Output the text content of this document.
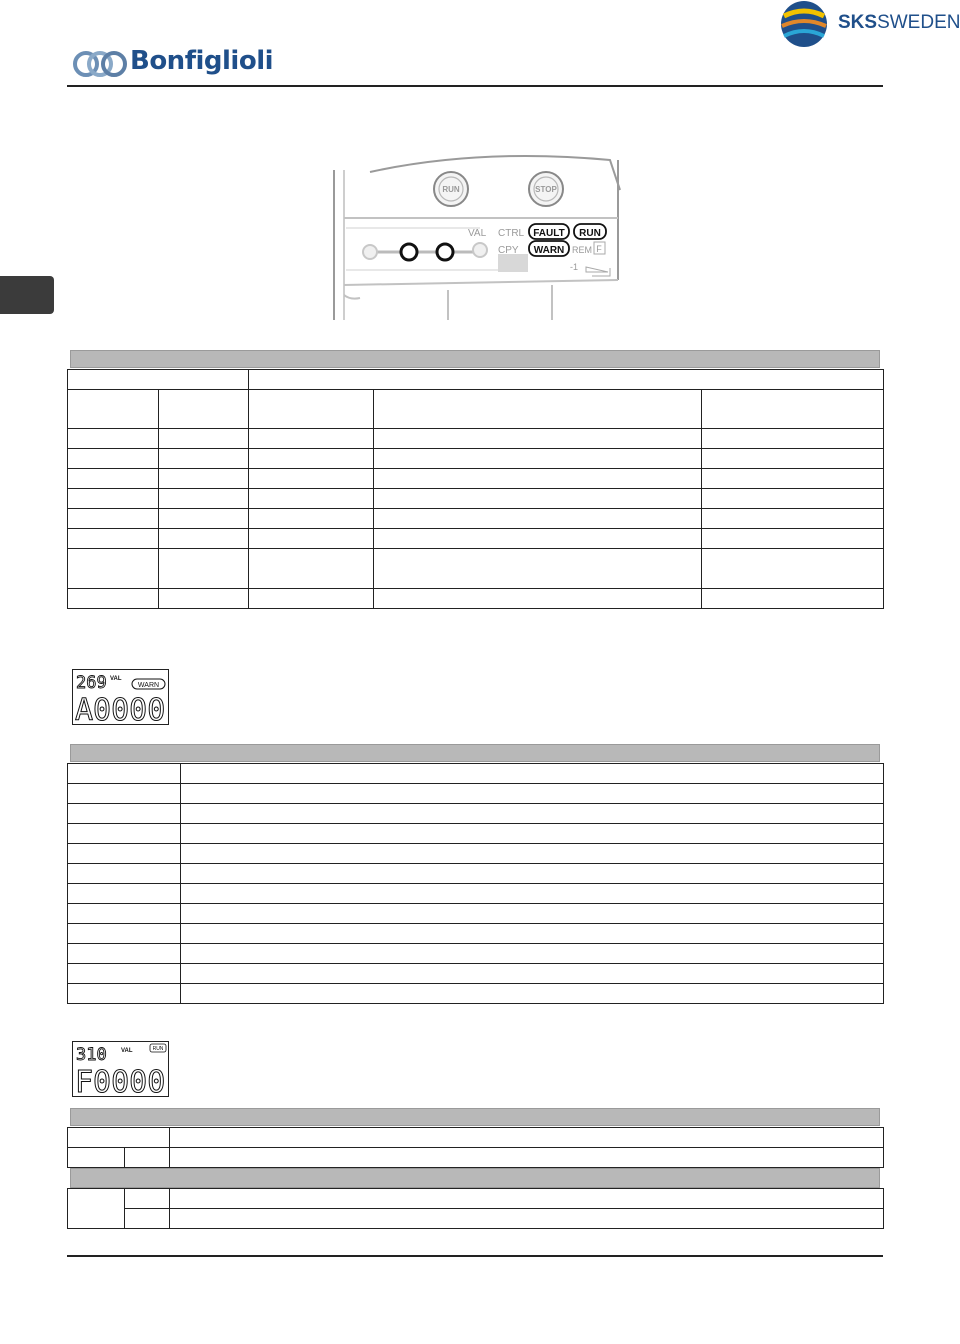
Bonfiglioli
SKSSWEDEN
RUN	STOP
VAL CTRL FAULT RUN
CPY WARN REM F
-1

269 VAL
WARN
A0000

310 VAL	RUN
F0000
